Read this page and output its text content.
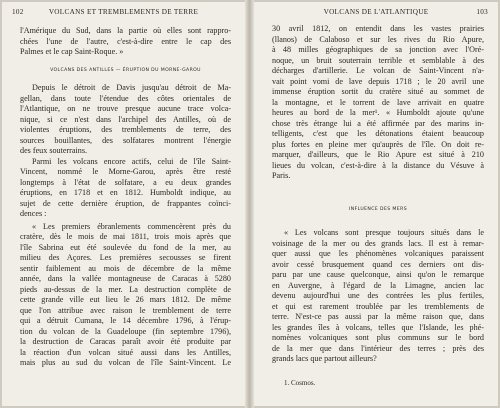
102	VOLCANS ET TREMBLEMENTS DE TERRE
l'Amérique du Sud, dans la partie où elles sont rappro-
chées l'une de l'autre, c'est-à-dire entre le cap des
Palmes et le cap Saint-Roque. »
VOLCANS DES ANTILLES — ÉRUPTION DU MORNE-GAROU
Depuis le détroit de Davis jusqu'au détroit de Ma-
gellan, dans toute l'étendue des côtes orientales de
l'Atlantique, on ne trouve presque aucune trace volca-
nique, si ce n'est dans l'archipel des Antilles, où de
violentes éruptions, des tremblements de terre, des
sources bouillantes, des solfatares montrent l'énergie
des feux souterrains.
Parmi les volcans encore actifs, celui de l'île Saint-
Vincent, nommé le Morne-Garou, après être resté
longtemps à l'état de solfatare, a eu deux grandes
éruptions, en 1718 et en 1812. Humboldt indique, au
sujet de cette dernière éruption, de frappantes coïnci-
dences :
« Les premiers ébranlements commencèrent près du
cratère, dès le mois de mai 1811, trois mois après que
l'île Sabrina eut été soulevée du fond de la mer, au
milieu des Açores. Les premières secousses se firent
sentir faiblement au mois de décembre de la même
année, dans la vallée montagneuse de Caracas à 5280
pieds au-dessus de la mer. La destruction complète de
cette grande ville eut lieu le 26 mars 1812. De même
que l'on attribue avec raison le tremblement de terre
qui a détruit Cumana, le 14 décembre 1796, à l'érup-
tion du volcan de la Guadeloupe (fin septembre 1796),
la destruction de Caracas paraît avoir été produite par
la réaction d'un volcan situé aussi dans les Antilles,
mais plus au sud du volcan de l'île Saint-Vincent. Le
VOLCANS DE L'ATLANTIQUE	103
30 avril 1812, on entendit dans les vastes prairies
(llanos) de Calaboso et sur les rives du Rio Apure,
à 48 milles géographiques de sa jonction avec l'Oré-
noque, un bruit souterrain terrible et semblable à des
décharges d'artillerie. Le volcan de Saint-Vincent n'a-
vait point vomi de lave depuis 1718 ; le 20 avril une
immense éruption sortit du cratère situé au sommet de
la montagne, et le torrent de lave arrivait en quatre
heures au bord de la mer¹. « Humboldt ajoute qu'une
chose très étrange lui a été affirmée par des marins in-
telligents, c'est que les détonations étaient beaucoup
plus fortes en pleine mer qu'auprès de l'île. On doit re-
marquer, d'ailleurs, que le Rio Apure est situé à 210
lieues du volcan, c'est-à-dire à la distance du Vésuve à
Paris.
INFLUENCE DES MERS
« Les volcans sont presque toujours situés dans le
voisinage de la mer ou des grands lacs. Il est à remar-
quer aussi que les phénomènes volcaniques paraissent
avoir cessé brusquement quand ces derniers ont dis-
paru par une cause quelconque, ainsi qu'on le remarque
en Auvergne, à l'égard de la Limagne, ancien lac
devenu aujourd'hui une des contrées les plus fertiles,
et qui est rarement troublée par les tremblements de
terre. N'est-ce pas aussi par la même raison que, dans
les grandes îles à volcans, telles que l'Islande, les phé-
nomènes volcaniques sont plus communs sur le bord
de la mer que dans l'intérieur des terres ; près des
grands lacs que partout ailleurs?
1. Cosmos.
